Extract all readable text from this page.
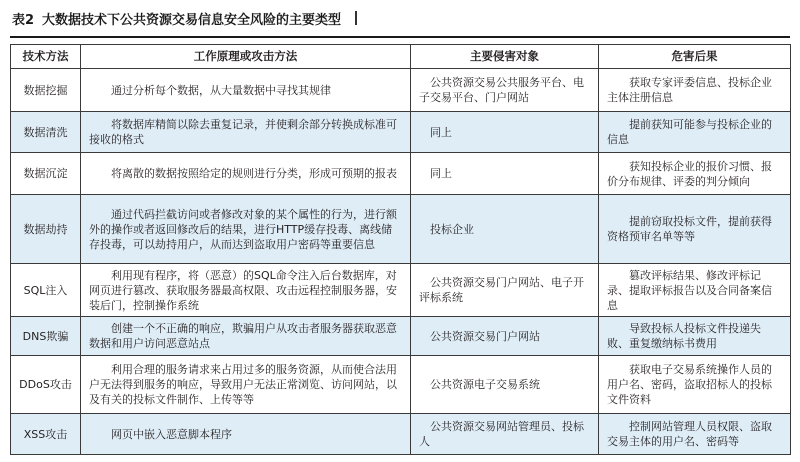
表2 大数据技术下公共资源交易信息安全风险的主要类型
技术方法	工作原理或攻击方法	主要侵害对象	危害后果
数据挖掘	通过分析每个数据，从大量数据中寻找其规律	公共资源交易公共服务平台、电子交易平台、门户网站	获取专家评委信息、投标企业主体注册信息
数据清洗	将数据库精简以除去重复记录，并使剩余部分转换成标准可接收的格式	同上	提前获知可能参与投标企业的信息
数据沉淀	将离散的数据按照给定的规则进行分类，形成可预期的报表	同上	获知投标企业的报价习惯、报价分布规律、评委的判分倾向
数据劫持	通过代码拦截访问或者修改对象的某个属性的行为，进行额外的操作或者返回修改后的结果，进行HTTP缓存投毒、离线储存投毒，可以劫持用户，从而达到盗取用户密码等重要信息	投标企业	提前窃取投标文件，提前获得资格预审名单等等
SQL注入	利用现有程序，将（恶意）的SQL命令注入后台数据库，对网页进行篡改、获取服务器最高权限、攻击远程控制服务器，安装后门，控制操作系统	公共资源交易门户网站、电子开评标系统	篡改评标结果、修改评标记录、提取评标报告以及合同备案信息
DNS欺骗	创建一个不正确的响应，欺骗用户从攻击者服务器获取恶意数据和用户访问恶意站点	公共资源交易门户网站	导致投标人投标文件投递失败、重复缴纳标书费用
DDoS攻击	利用合理的服务请求来占用过多的服务资源，从而使合法用户无法得到服务的响应，导致用户无法正常浏览、访问网站，以及有关的投标文件制作、上传等等	公共资源电子交易系统	获取电子交易系统操作人员的用户名、密码，盗取招标人的投标文件资料
XSS攻击	网页中嵌入恶意脚本程序	公共资源交易网站管理员、投标人	控制网站管理人员权限、盗取交易主体的用户名、密码等
